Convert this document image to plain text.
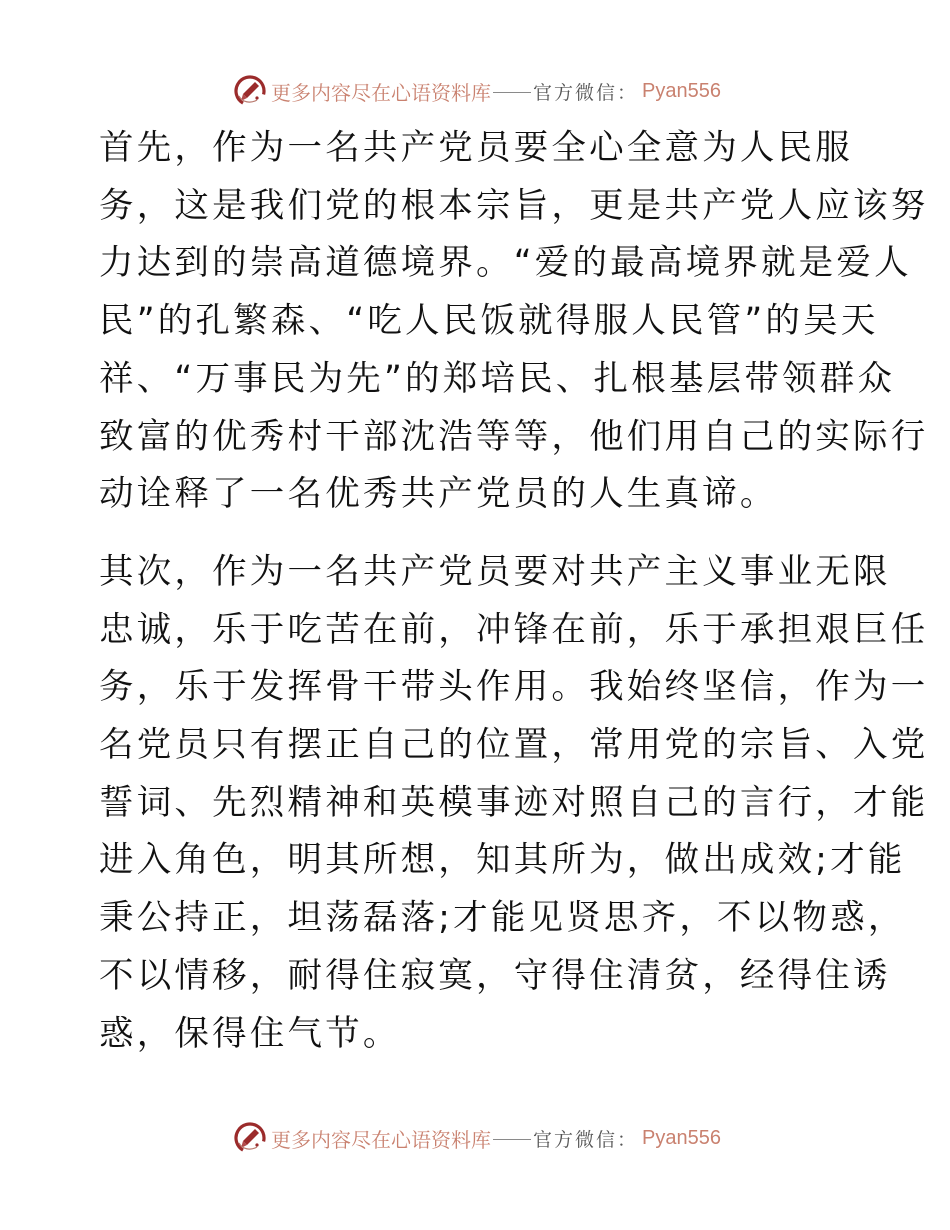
更多内容尽在心语资料库 官方微信： Pyan556

首先，作为一名共产党员要全心全意为人民服
务，这是我们党的根本宗旨，更是共产党人应该努
力达到的崇高道德境界。“爱的最高境界就是爱人
民”的孔繁森、“吃人民饭就得服人民管”的吴天
祥、“万事民为先”的郑培民、扎根基层带领群众
致富的优秀村干部沈浩等等，他们用自己的实际行
动诠释了一名优秀共产党员的人生真谛。

其次，作为一名共产党员要对共产主义事业无限
忠诚，乐于吃苦在前，冲锋在前，乐于承担艰巨任
务，乐于发挥骨干带头作用。我始终坚信，作为一
名党员只有摆正自己的位置，常用党的宗旨、入党
誓词、先烈精神和英模事迹对照自己的言行，才能
进入角色，明其所想，知其所为，做出成效;才能
秉公持正，坦荡磊落;才能见贤思齐，不以物惑，
不以情移，耐得住寂寞，守得住清贫，经得住诱
惑，保得住气节。

更多内容尽在心语资料库 官方微信： Pyan556
